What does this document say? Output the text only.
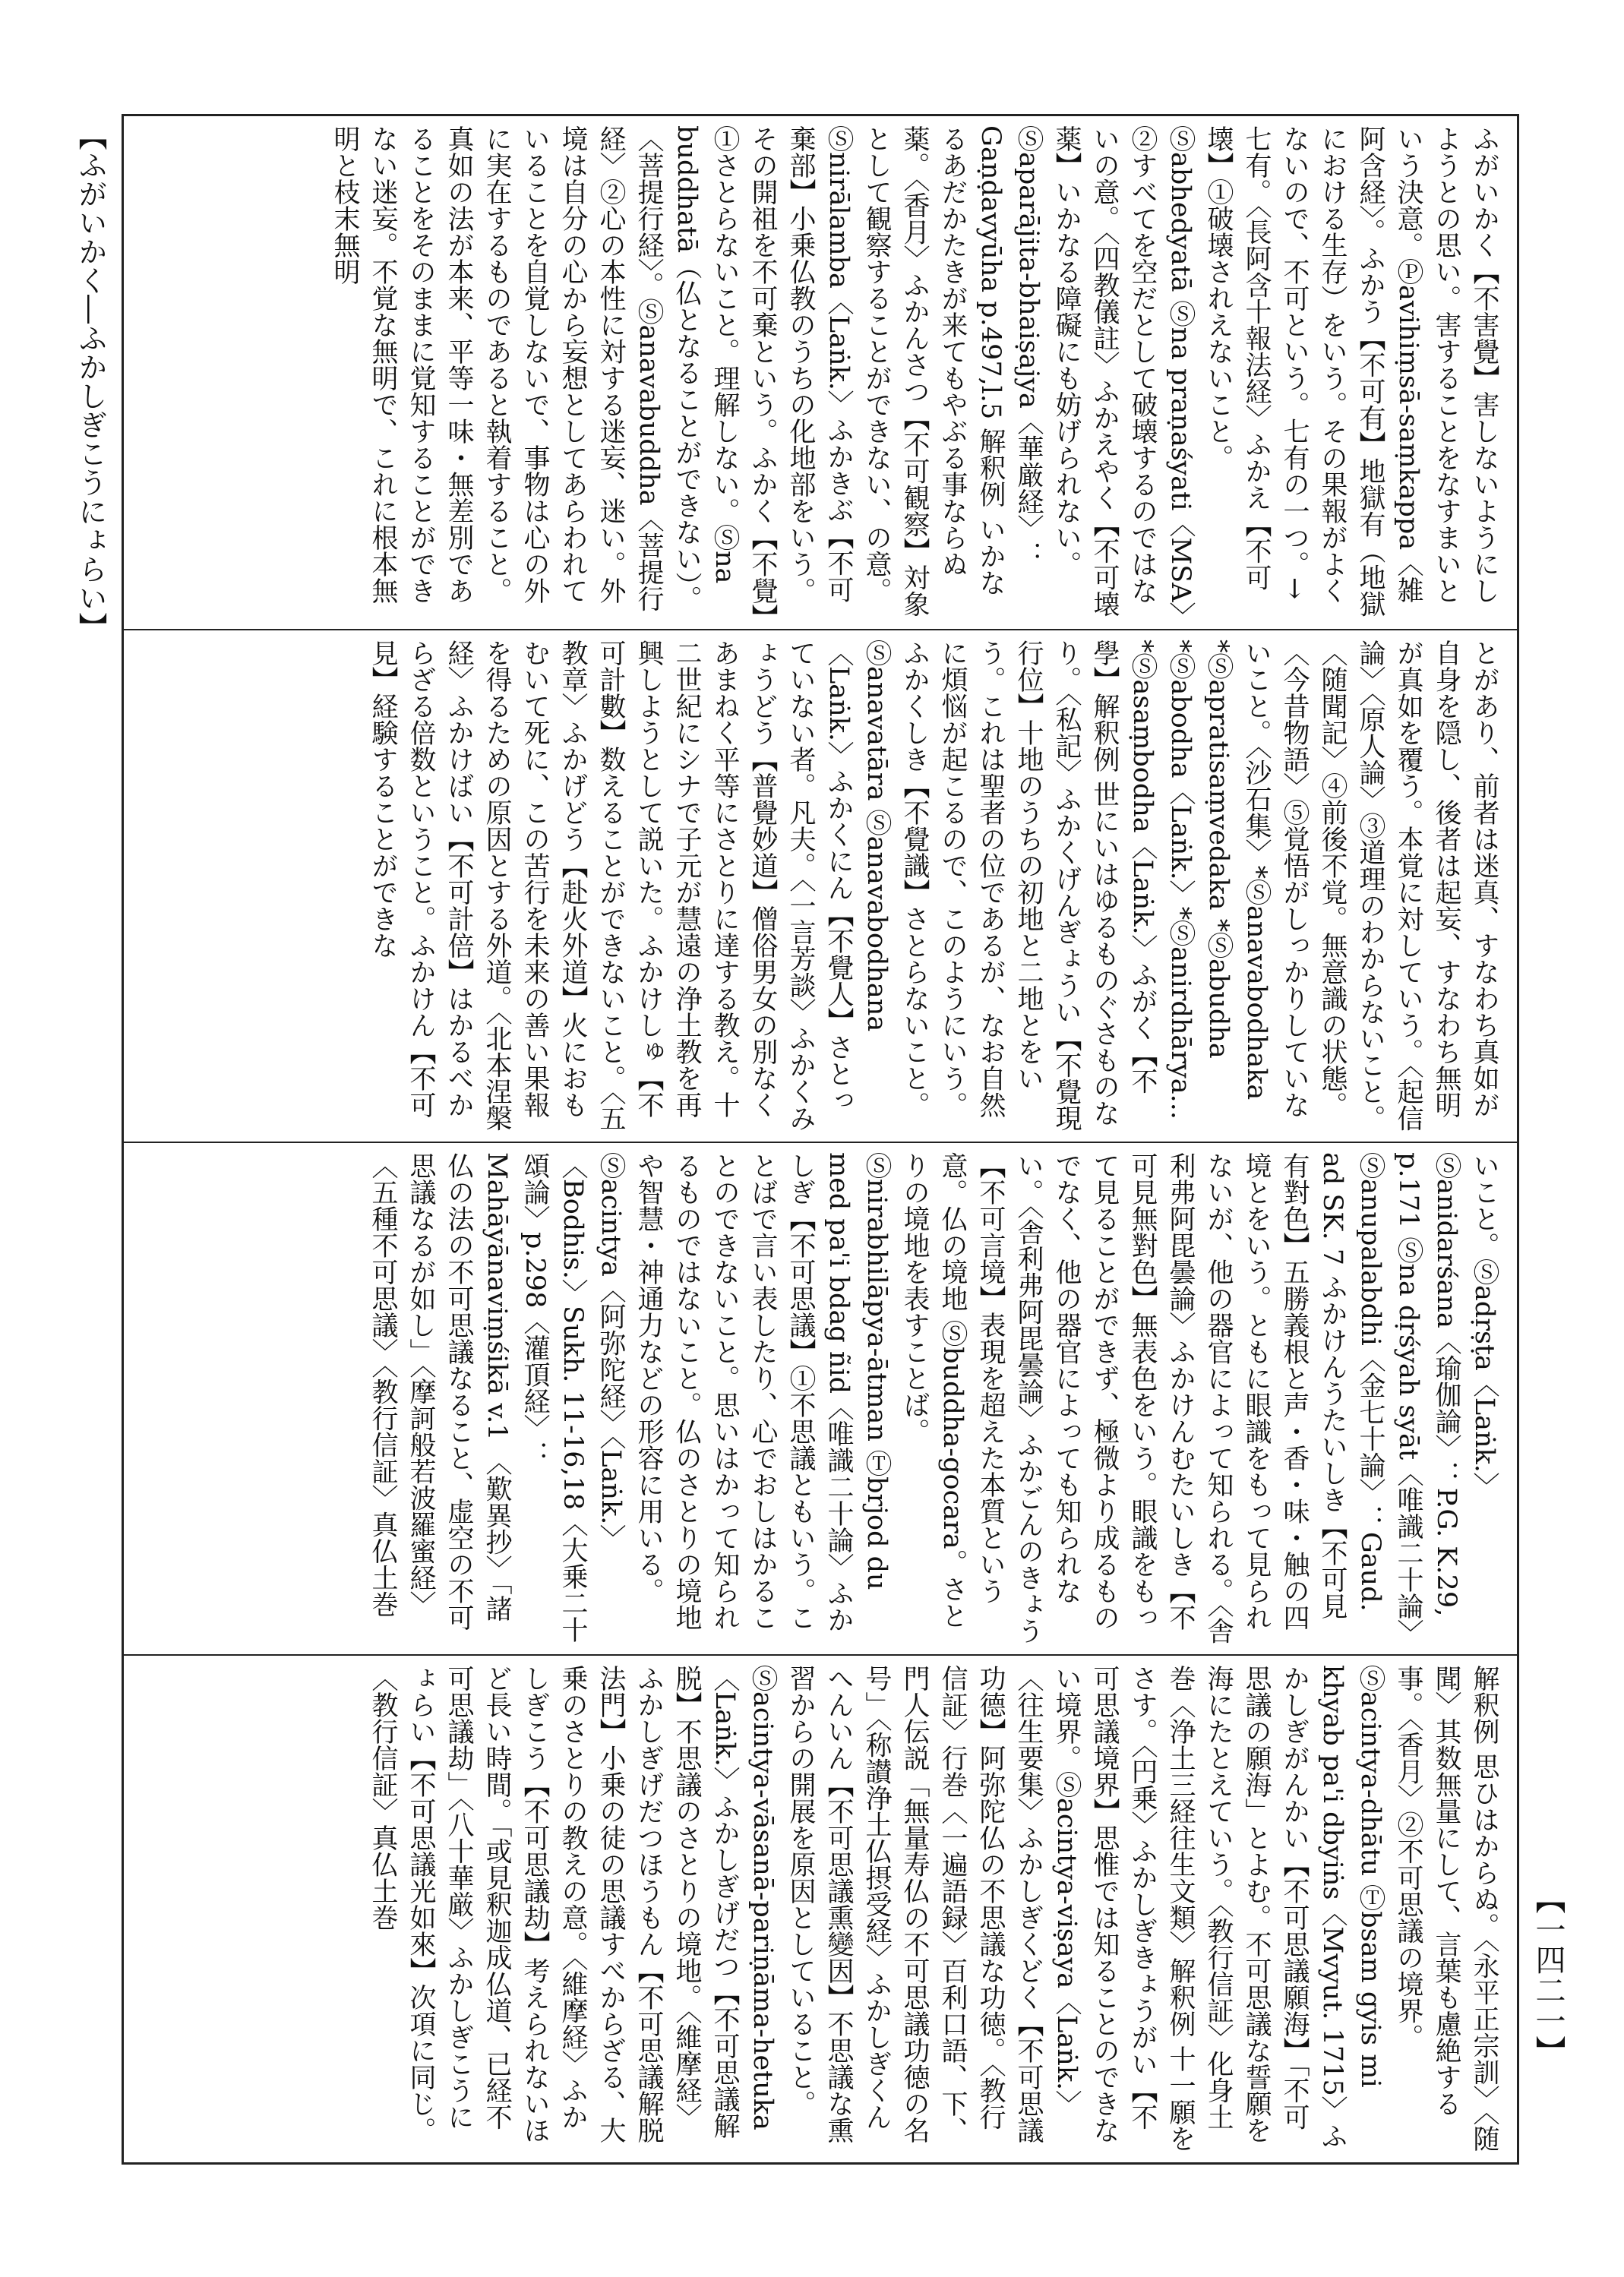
【ふがいかく―ふかしぎこうにょらい】
【一四二一】

ふがいかく【不害覺】害しないようにしようとの思い。害することをなすまいという決意。Ⓟavihiṃsā-saṃkappa〈雑阿含経〉。ふかう【不可有】地獄有（地獄における生存）をいう。その果報がよくないので、不可という。七有の一つ。→七有。〈長阿含十報法経〉ふかえ【不可壊】①破壊されえないこと。Ⓢabhedyatā Ⓢna praṇaśyati〈MSA〉②すべてを空だとして破壊するのではないの意。〈四教儀註〉ふかえやく【不可壊薬】いかなる障礙にも妨げられない。Ⓢaparājita-bhaiṣajya〈華厳経〉：Gaṇḍavyūha p.497,l.5 解釈例 いかなるあだかたきが来てもやぶる事ならぬ薬。〈香月〉ふかんさつ【不可観察】対象として観察することができない、の意。Ⓢnirālamba〈Laṅk.〉ふかきぶ【不可棄部】小乗仏教のうちの化地部をいう。その開祖を不可棄という。ふかく【不覺】①さとらないこと。理解しない。Ⓢna buddhatā（仏となることができない）。〈菩提行経〉。Ⓢanavabuddha〈菩提行経〉②心の本性に対する迷妄、迷い。外境は自分の心から妄想としてあらわれていることを自覚しないで、事物は心の外に実在するものであると執着すること。真如の法が本来、平等一味・無差別であることをそのままに覚知することができない迷妄。不覚な無明で、これに根本無明と枝末無明

とがあり、前者は迷真、すなわち真如が自身を隠し、後者は起妄、すなわち無明が真如を覆う。本覚に対していう。〈起信論〉〈原人論〉③道理のわからないこと。〈随聞記〉④前後不覚。無意識の状態。〈今昔物語〉⑤覚悟がしっかりしていないこと。〈沙石集〉*Ⓢanavabodhaka *Ⓢapratisaṃvedaka *Ⓢabudha *Ⓢabodha〈Laṅk.〉*Ⓢanirdhārya... *Ⓢasaṃbodha〈Laṅk.〉ふがく【不學】解釈例 世にいはゆるものぐさものなり。〈私記〉ふかくげんぎょうい【不覺現行位】十地のうちの初地と二地とをいう。これは聖者の位であるが、なお自然に煩悩が起こるので、このようにいう。ふかくしき【不覺識】さとらないこと。Ⓢanavatāra Ⓢanavabodhana〈Laṅk.〉ふかくにん【不覺人】さとっていない者。凡夫。〈一言芳談〉ふかくみょうどう【普覺妙道】僧俗男女の別なくあまねく平等にさとりに達する教え。十二世紀にシナで子元が慧遠の浄土教を再興しようとして説いた。ふかけしゅ【不可計數】数えることができないこと。〈五教章〉ふかげどう【赴火外道】火におもむいて死に、この苦行を未来の善い果報を得るための原因とする外道。〈北本涅槃経〉ふかけばい【不可計倍】はかるべからざる倍数ということ。ふかけん【不可見】経験することができな

いこと。Ⓢadṛṣṭa〈Laṅk.〉Ⓢanidarśana〈瑜伽論〉：P.G. K.29, p.171 Ⓢna dṛśyah syāt〈唯識二十論〉Ⓢanupalabdhi〈金七十論〉：Gaud. ad SK. 7 ふかけんうたいしき【不可見有對色】五勝義根と声・香・味・触の四境とをいう。ともに眼識をもって見られないが、他の器官によって知られる。〈舎利弗阿毘曇論〉ふかけんむたいしき【不可見無對色】無表色をいう。眼識をもって見ることができず、極微より成るものでなく、他の器官によっても知られない。〈舎利弗阿毘曇論〉ふかごんのきょう【不可言境】表現を超えた本質という意。仏の境地 Ⓢbuddha-gocara。さとりの境地を表すことば。Ⓢnirabhilāpya-ātman Ⓣbrjod du med pa'i bdag ñid〈唯識二十論〉ふかしぎ【不可思議】①不思議ともいう。ことばで言い表したり、心でおしはかることのできないこと。思いはかって知られるものではないこと。仏のさとりの境地や智慧・神通力などの形容に用いる。Ⓢacintya〈阿弥陀経〉〈Laṅk.〉〈Bodhis.〉Sukh. 11-16,18〈大乗二十頌論〉p.298〈灌頂経〉：Mahāyānaviṃśikā v.1 〈歎異抄〉「諸仏の法の不可思議なること、虚空の不可思議なるが如し」〈摩訶般若波羅蜜経〉〈五種不可思議〉〈教行信証〉真仏土巻

解釈例 思ひはからぬ。〈永平正宗訓〉〈随聞〉其数無量にして、言葉も慮絶する事。〈香月〉②不可思議の境界。Ⓢacintya-dhātu Ⓣbsam gyis mi khyab pa'i dbyiṅs〈Mvyut. 1715〉ふかしぎがんかい【不可思議願海】「不可思議の願海」とよむ。不可思議な誓願を海にたとえていう。〈教行信証〉化身土巻〈浄土三経往生文類〉解釈例 十一願をさす。〈円乗〉ふかしぎきょうがい【不可思議境界】思惟では知ることのできない境界。Ⓢacintya-viṣaya〈Laṅk.〉〈往生要集〉ふかしぎくどく【不可思議功德】阿弥陀仏の不思議な功徳。〈教行信証〉行巻〈一遍語録〉百利口語、下、門人伝説「無量寿仏の不可思議功徳の名号」〈称讃浄土仏摂受経〉ふかしぎくんへんいん【不可思議熏變因】不思議な熏習からの開展を原因としていること。Ⓢacintya-vāsanā-pariṇāma-hetuka〈Laṅk.〉ふかしぎげだつ【不可思議解脱】不思議のさとりの境地。〈維摩経〉ふかしぎげだつほうもん【不可思議解脱法門】小乗の徒の思議すべからざる、大乗のさとりの教えの意。〈維摩経〉ふかしぎこう【不可思議劫】考えられないほど長い時間。「或見釈迦成仏道、已経不可思議劫」〈八十華厳〉ふかしぎこうにょらい【不可思議光如來】次項に同じ。〈教行信証〉真仏土巻
